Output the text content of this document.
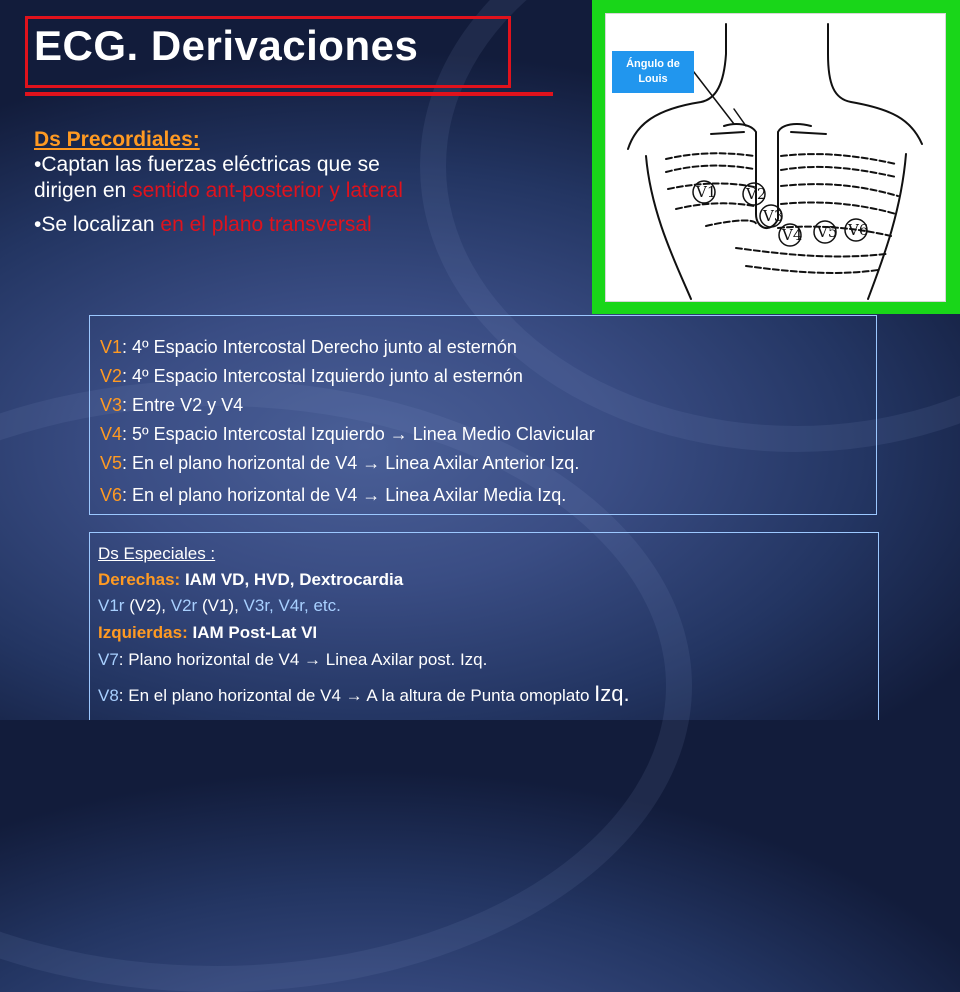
ECG. Derivaciones

Ds Precordiales:

•Captan las fuerzas eléctricas que se
dirigen en sentido ant-posterior y lateral

•Se localizan en el plano transversal

V1 V2
V3
V4 V5 V6
Ángulo de Louis
V1: 4º Espacio Intercostal Derecho junto al esternón
V2: 4º Espacio Intercostal Izquierdo junto al esternón
V3: Entre V2 y V4
V4: 5º Espacio Intercostal Izquierdo → Linea Medio Clavicular
V5: En el plano horizontal de V4 → Linea Axilar Anterior Izq.
V6: En el plano horizontal de V4 → Linea Axilar Media Izq.
Ds Especiales :
Derechas: IAM VD, HVD, Dextrocardia
V1r (V2), V2r (V1), V3r, V4r, etc.
Izquierdas: IAM Post-Lat VI
V7: Plano horizontal de V4 → Linea Axilar post. Izq.
V8: En el plano horizontal de V4 → A la altura de Punta omoplato Izq.
